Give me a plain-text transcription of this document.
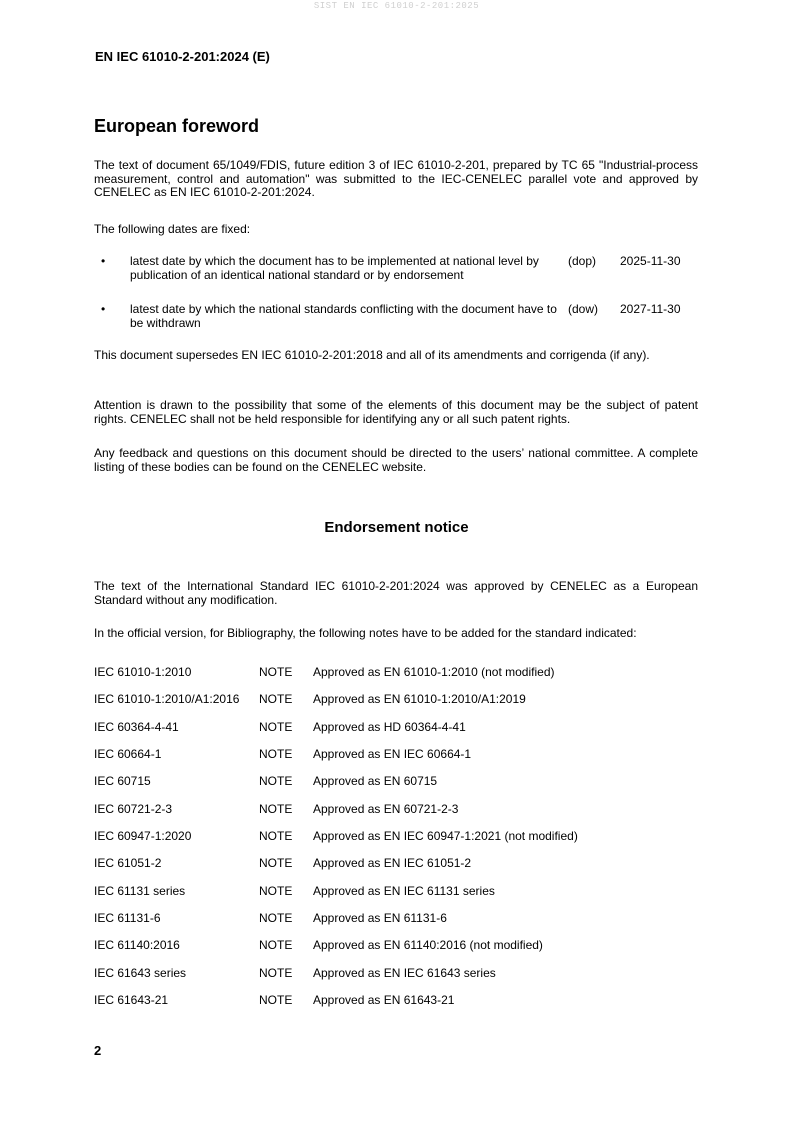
SIST EN IEC 61010-2-201:2025
EN IEC 61010-2-201:2024 (E)
European foreword
The text of document 65/1049/FDIS, future edition 3 of IEC 61010-2-201, prepared by TC 65 "Industrial-process measurement, control and automation" was submitted to the IEC-CENELEC parallel vote and approved by CENELEC as EN IEC 61010-2-201:2024.
The following dates are fixed:
• latest date by which the document has to be implemented at national level by publication of an identical national standard or by endorsement
(dop) 2025-11-30
• latest date by which the national standards conflicting with the document have to be withdrawn
(dow) 2027-11-30
This document supersedes EN IEC 61010-2-201:2018 and all of its amendments and corrigenda (if any).
Attention is drawn to the possibility that some of the elements of this document may be the subject of patent rights. CENELEC shall not be held responsible for identifying any or all such patent rights.
Any feedback and questions on this document should be directed to the users’ national committee. A complete listing of these bodies can be found on the CENELEC website.
Endorsement notice
The text of the International Standard IEC 61010-2-201:2024 was approved by CENELEC as a European Standard without any modification.
In the official version, for Bibliography, the following notes have to be added for the standard indicated:
IEC 61010-1:2010	NOTE Approved as EN 61010-1:2010 (not modified)
IEC 61010-1:2010/A1:2016 NOTE Approved as EN 61010-1:2010/A1:2019
IEC 60364-4-41	NOTE Approved as HD 60364-4-41
IEC 60664-1	NOTE Approved as EN IEC 60664-1
IEC 60715	NOTE Approved as EN 60715
IEC 60721-2-3	NOTE Approved as EN 60721-2-3
IEC 60947-1:2020	NOTE Approved as EN IEC 60947-1:2021 (not modified)
IEC 61051-2	NOTE Approved as EN IEC 61051-2
IEC 61131 series	NOTE Approved as EN IEC 61131 series
IEC 61131-6	NOTE Approved as EN 61131-6
IEC 61140:2016	NOTE Approved as EN 61140:2016 (not modified)
IEC 61643 series	NOTE Approved as EN IEC 61643 series
IEC 61643-21	NOTE Approved as EN 61643-21
2
